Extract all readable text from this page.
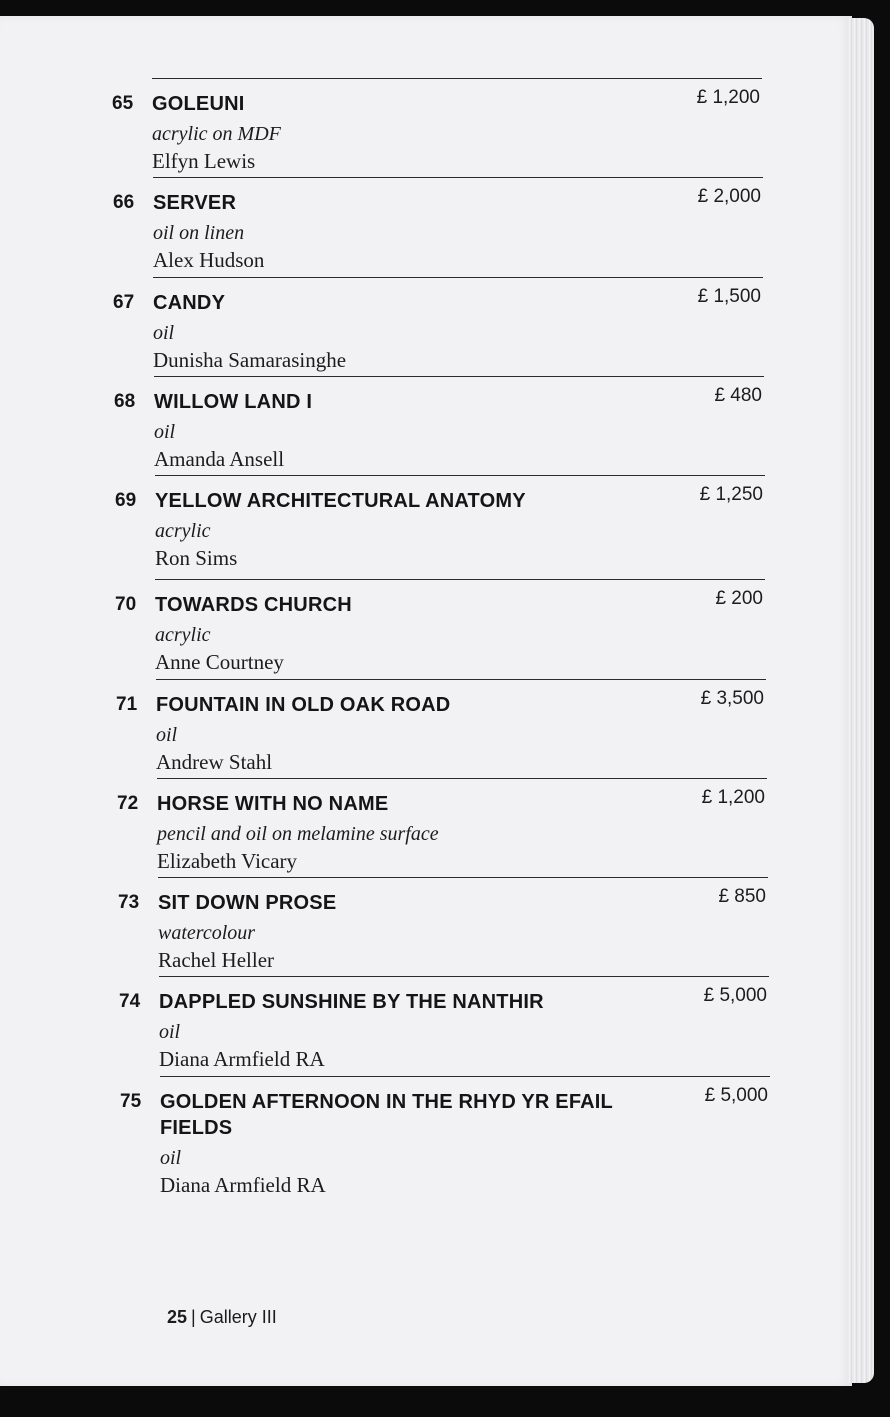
65 GOLEUNI
acrylic on MDF
Elfyn Lewis
£ 1,200
66 SERVER
oil on linen
Alex Hudson
£ 2,000
67 CANDY
oil
Dunisha Samarasinghe
£ 1,500
68 WILLOW LAND I
oil
Amanda Ansell
£ 480
69 YELLOW ARCHITECTURAL ANATOMY
acrylic
Ron Sims
£ 1,250
70 TOWARDS CHURCH
acrylic
Anne Courtney
£ 200
71 FOUNTAIN IN OLD OAK ROAD
oil
Andrew Stahl
£ 3,500
72 HORSE WITH NO NAME
pencil and oil on melamine surface
Elizabeth Vicary
£ 1,200
73 SIT DOWN PROSE
watercolour
Rachel Heller
£ 850
74 DAPPLED SUNSHINE BY THE NANTHIR
oil
Diana Armfield RA
£ 5,000
75 GOLDEN AFTERNOON IN THE RHYD YR EFAIL FIELDS
oil
Diana Armfield RA
£ 5,000
25 | Gallery III
